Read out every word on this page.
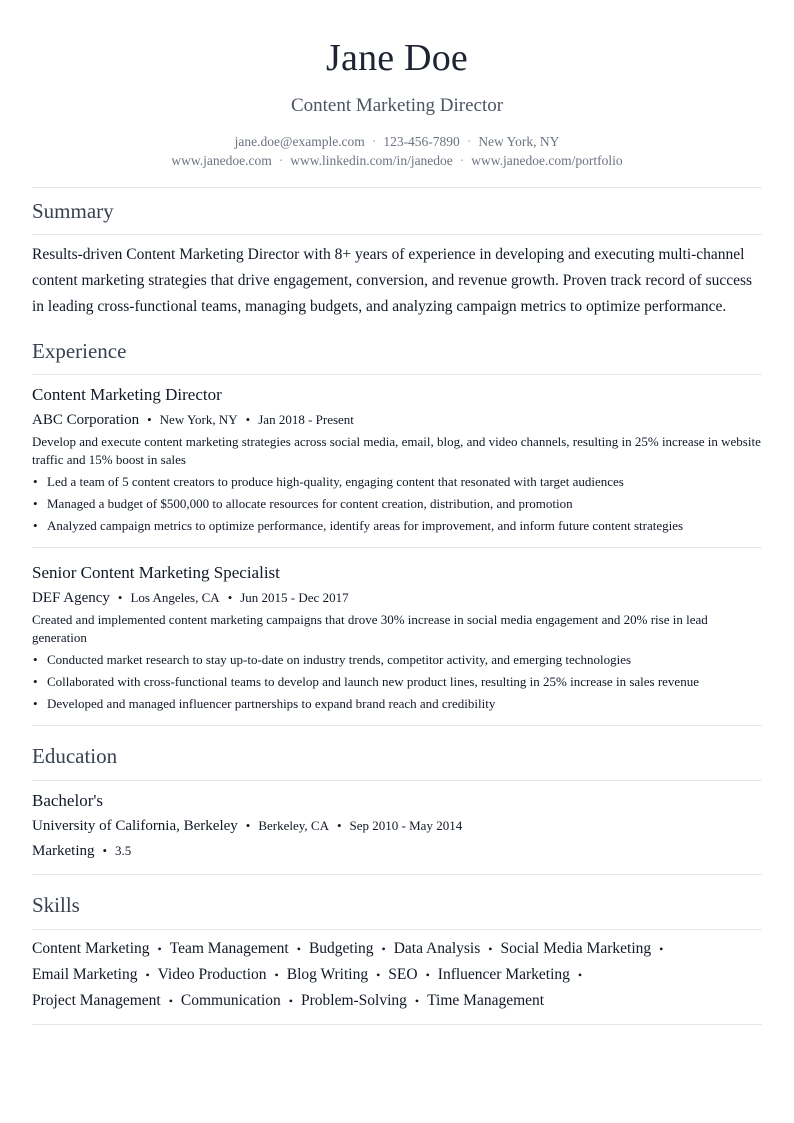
Jane Doe
Content Marketing Director
jane.doe@example.com · 123-456-7890 · New York, NY
www.janedoe.com · www.linkedin.com/in/janedoe · www.janedoe.com/portfolio
Summary
Results-driven Content Marketing Director with 8+ years of experience in developing and executing multi-channel content marketing strategies that drive engagement, conversion, and revenue growth. Proven track record of success in leading cross-functional teams, managing budgets, and analyzing campaign metrics to optimize performance.
Experience
Content Marketing Director
ABC Corporation • New York, NY • Jan 2018 - Present
Develop and execute content marketing strategies across social media, email, blog, and video channels, resulting in 25% increase in website traffic and 15% boost in sales
• Led a team of 5 content creators to produce high-quality, engaging content that resonated with target audiences
• Managed a budget of $500,000 to allocate resources for content creation, distribution, and promotion
• Analyzed campaign metrics to optimize performance, identify areas for improvement, and inform future content strategies
Senior Content Marketing Specialist
DEF Agency • Los Angeles, CA • Jun 2015 - Dec 2017
Created and implemented content marketing campaigns that drove 30% increase in social media engagement and 20% rise in lead generation
• Conducted market research to stay up-to-date on industry trends, competitor activity, and emerging technologies
• Collaborated with cross-functional teams to develop and launch new product lines, resulting in 25% increase in sales revenue
• Developed and managed influencer partnerships to expand brand reach and credibility
Education
Bachelor's
University of California, Berkeley • Berkeley, CA • Sep 2010 - May 2014
Marketing • 3.5
Skills
Content Marketing • Team Management • Budgeting • Data Analysis • Social Media Marketing •
Email Marketing • Video Production • Blog Writing • SEO • Influencer Marketing •
Project Management • Communication • Problem-Solving • Time Management
